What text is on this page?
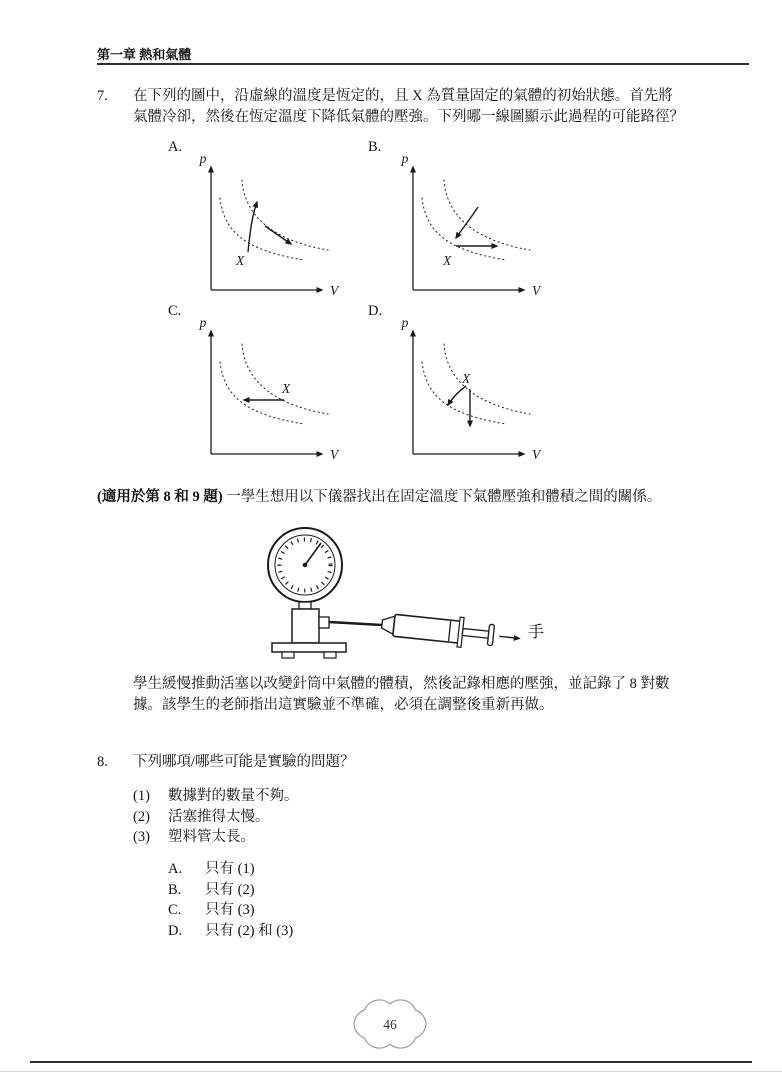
第一章 熱和氣體
7.	在下列的圖中，沿虛線的溫度是恆定的，且 X 為質量固定的氣體的初始狀態。首先將
氣體冷卻，然後在恆定溫度下降低氣體的壓強。下列哪一線圖顯示此過程的可能路徑？
A.	B.
X
p
V
X
p
V
C.	D.
X
p
V
X
p
V
(適用於第 8 和 9 題) 一學生想用以下儀器找出在固定溫度下氣體壓強和體積之間的關係。
手
學生緩慢推動活塞以改變針筒中氣體的體積，然後記錄相應的壓強，並記錄了 8 對數
據。該學生的老師指出這實驗並不準確，必須在調整後重新再做。
8.	下列哪項/哪些可能是實驗的問題？
(1) 數據對的數量不夠。
(2) 活塞推得太慢。
(3) 塑料管太長。
A. 只有 (1)
B. 只有 (2)
C. 只有 (3)
D. 只有 (2) 和 (3)
46
